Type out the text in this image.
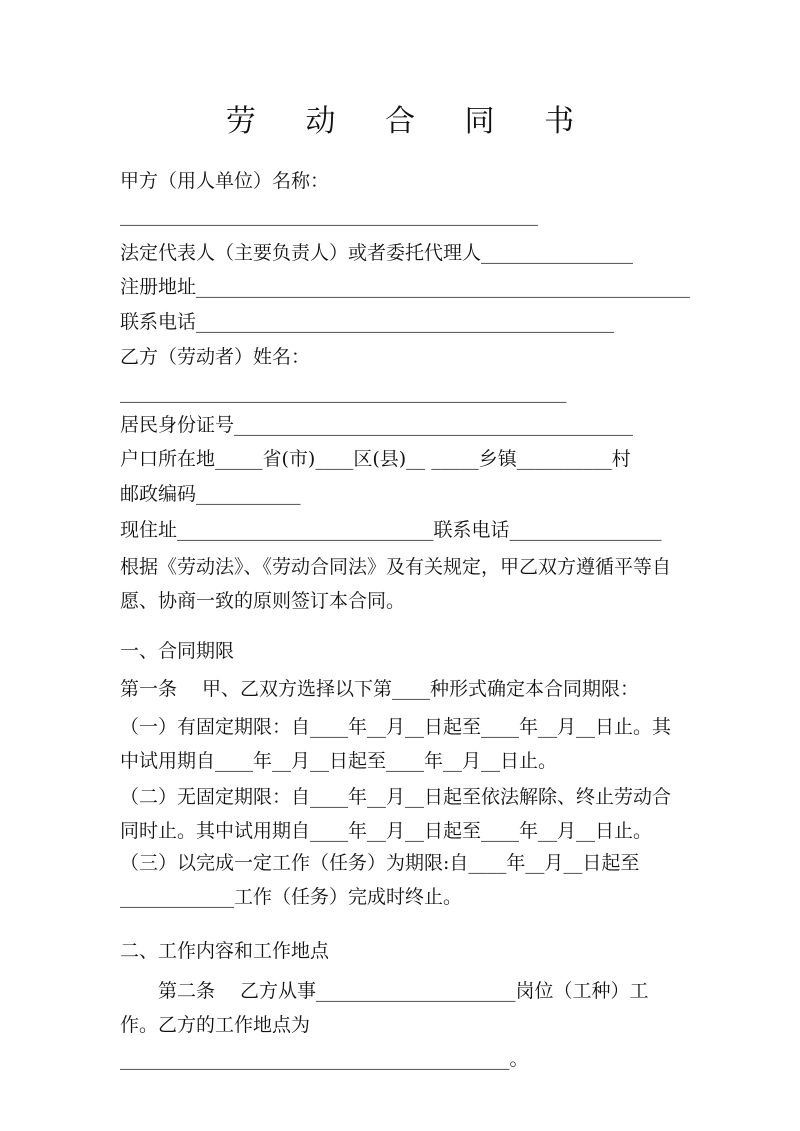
劳 动 合 同 书
甲方（用人单位）名称：
____________________________________________
法定代表人（主要负责人）或者委托代理人________________
注册地址____________________________________________________
联系电话____________________________________________
乙方（劳动者）姓名：
_______________________________________________
居民身份证号__________________________________________
户口所在地_____省(市)____区(县)__ _____乡镇__________村
邮政编码___________
现住址___________________________联系电话________________
根据《劳动法》、《劳动合同法》及有关规定，甲乙双方遵循平等自愿、协商一致的原则签订本合同。
一、合同期限
第一条　 甲、乙双方选择以下第____种形式确定本合同期限：
（一）有固定期限：自____年__月__日起至____年__月__日止。其中试用期自____年__月__日起至____年__月__日止。
（二）无固定期限：自____年__月__日起至依法解除、终止劳动合同时止。其中试用期自____年__月__日起至____年__月__日止。
（三）以完成一定工作（任务）为期限:自____年__月__日起至
____________工作（任务）完成时终止。
二、工作内容和工作地点
第二条　 乙方从事_____________________岗位（工种）工作。乙方的工作地点为_________________________________________。
